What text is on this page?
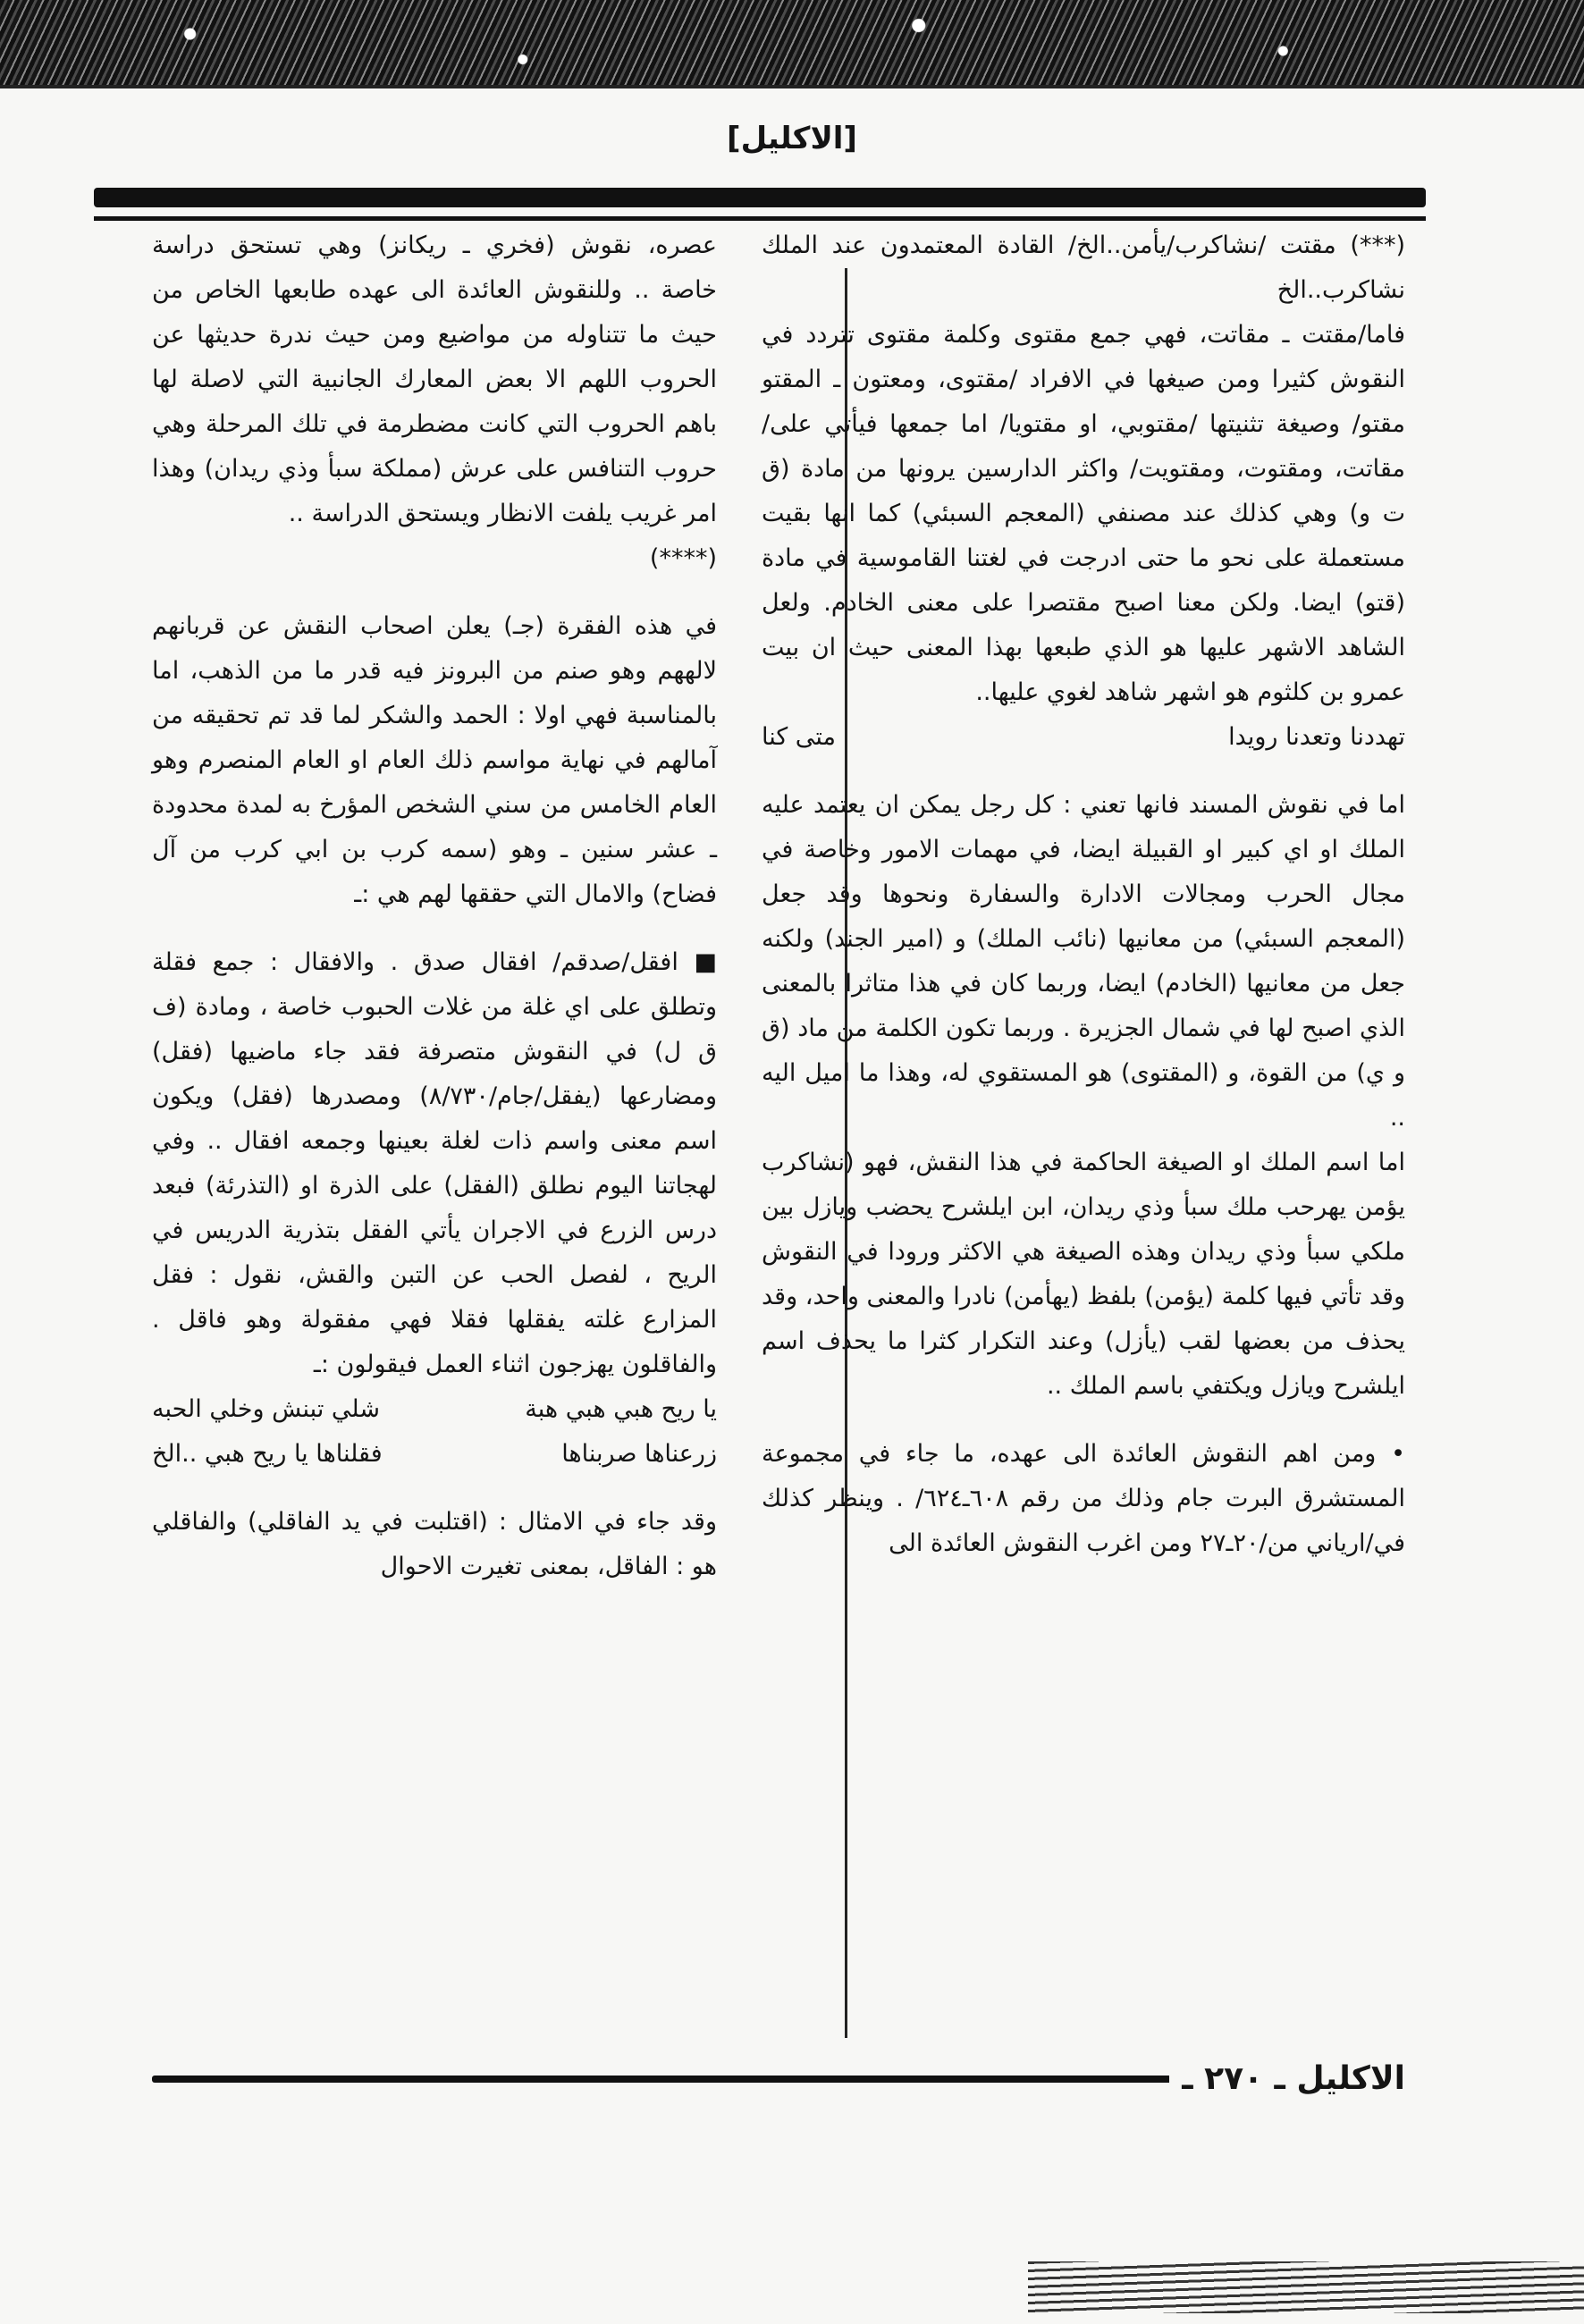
[الاكليل]

(***) مقتت /نشاكرب/يأمن..الخ/ القادة المعتمدون عند الملك نشاكرب..الخ
فاما/مقتت ـ مقاتت، فهي جمع مقتوى وكلمة مقتوى تتردد في النقوش كثيرا ومن صيغها في الافراد /مقتوى، ومعتون ـ المقتو مقتو/ وصيغة تثنيتها /مقتوبي، او مقتويا/ اما جمعها فيأتي على/مقاتت، ومقتوت، ومقتويت/ واكثر الدارسين يرونها من مادة (ق ت و) وهي كذلك عند مصنفي (المعجم السبئي) كما انها بقيت مستعملة على نحو ما حتى ادرجت في لغتنا القاموسية في مادة (قتو) ايضا. ولكن معنا اصبح مقتصرا على معنى الخادم. ولعل الشاهد الاشهر عليها هو الذي طبعها بهذا المعنى حيث ان بيت عمرو بن كلثوم هو اشهر شاهد لغوي عليها..

تهددنا وتعدنا رويدا
متى كنا

اما في نقوش المسند فانها تعني : كل رجل يمكن ان يعتمد عليه الملك او اي كبير او القبيلة ايضا، في مهمات الامور وخاصة في مجال الحرب ومجالات الادارة والسفارة ونحوها وقد جعل (المعجم السبئي) من معانيها (نائب الملك) و (امير الجند) ولكنه جعل من معانيها (الخادم) ايضا، وربما كان في هذا متاثرا بالمعنى الذي اصبح لها في شمال الجزيرة . وربما تكون الكلمة من ماد (ق و ي) من القوة، و (المقتوى) هو المستقوي له، وهذا ما اميل اليه ..

اما اسم الملك او الصيغة الحاكمة في هذا النقش، فهو (نشاكرب يؤمن يهرحب ملك سبأ وذي ريدان، ابن ايلشرح يحضب ويازل بين ملكي سبأ وذي ريدان وهذه الصيغة هي الاكثر ورودا في النقوش وقد تأتي فيها كلمة (يؤمن) بلفظ (يهأمن) نادرا والمعنى واحد، وقد يحذف من بعضها لقب (يأزل) وعند التكرار كثرا ما يحذف اسم ايلشرح ويازل ويكتفي باسم الملك ..

• ومن اهم النقوش العائدة الى عهده، ما جاء في مجموعة المستشرق البرت جام وذلك من رقم ٦٠٨ـ٦٢٤/ . وينظر كذلك في/ارياني من/٢٠ـ٢٧ ومن اغرب النقوش العائدة الى

عصره، نقوش (فخري ـ ريكانز) وهي تستحق دراسة خاصة .. وللنقوش العائدة الى عهده طابعها الخاص من حيث ما تتناوله من مواضيع ومن حيث ندرة حديثها عن الحروب اللهم الا بعض المعارك الجانبية التي لاصلة لها باهم الحروب التي كانت مضطرمة في تلك المرحلة وهي حروب التنافس على عرش (مملكة سبأ وذي ريدان) وهذا امر غريب يلفت الانظار ويستحق الدراسة ..

(****)

في هذه الفقرة (جـ) يعلن اصحاب النقش عن قربانهم لالههم وهو صنم من البرونز فيه قدر ما من الذهب، اما بالمناسبة فهي اولا : الحمد والشكر لما قد تم تحقيقه من آمالهم في نهاية مواسم ذلك العام او العام المنصرم وهو العام الخامس من سني الشخص المؤرخ به لمدة محدودة ـ عشر سنين ـ وهو (سمه كرب بن ابي كرب من آل فضاح) والامال التي حققها لهم هي :ـ

■ افقل/صدقم/ افقال صدق . والافقال : جمع فقلة وتطلق على اي غلة من غلات الحبوب خاصة ، ومادة (ف ق ل) في النقوش متصرفة فقد جاء ماضيها (فقل) ومضارعها (يفقل/جام/٨/٧٣٠) ومصدرها (فقل) ويكون اسم معنى واسم ذات لغلة بعينها وجمعه افقال .. وفي لهجاتنا اليوم نطلق (الفقل) على الذرة او (التذرئة) فبعد درس الزرع في الاجران يأتي الفقل بتذرية الدريس في الريح ، لفصل الحب عن التبن والقش، نقول : فقل المزارع غلته يفقلها فقلا فهي مفقولة وهو فاقل . والفاقلون يهزجون اثناء العمل فيقولون :ـ

يا ريح هبي هبي هبة
شلي تبنش وخلي الحبه
زرعناها صربناها
فقلناها يا ريح هبي ..الخ

وقد جاء في الامثال : (اقتلبت في يد الفاقلي) والفاقلي هو : الفاقل، بمعنى تغيرت الاحوال

الاكليل ـ ٢٧٠ ـ
